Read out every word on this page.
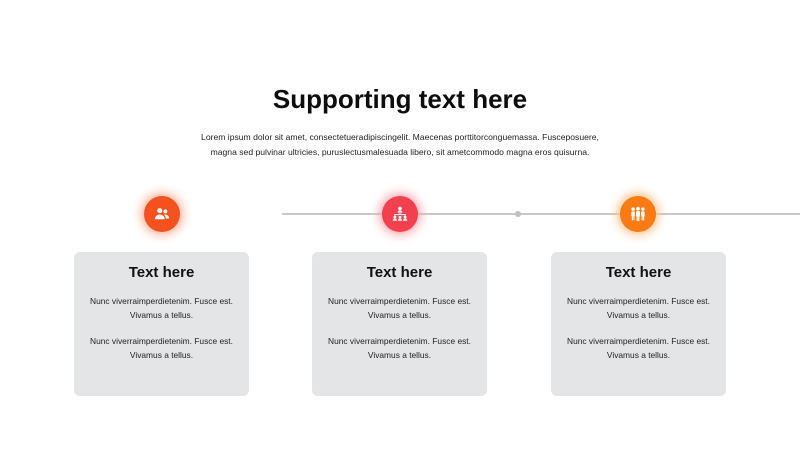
Supporting text here

Lorem ipsum dolor sit amet, consectetueradipiscingelit. Maecenas porttitorconguemassa. Fusceposuere, magna sed pulvinar ultricies, puruslectusmalesuada libero, sit ametcommodo magna eros quisurna.

Text here

Nunc viverraimperdietenim. Fusce est. Vivamus a tellus.

Nunc viverraimperdietenim. Fusce est. Vivamus a tellus.

Text here

Nunc viverraimperdietenim. Fusce est. Vivamus a tellus.

Nunc viverraimperdietenim. Fusce est. Vivamus a tellus.

Text here

Nunc viverraimperdietenim. Fusce est. Vivamus a tellus.

Nunc viverraimperdietenim. Fusce est. Vivamus a tellus.
